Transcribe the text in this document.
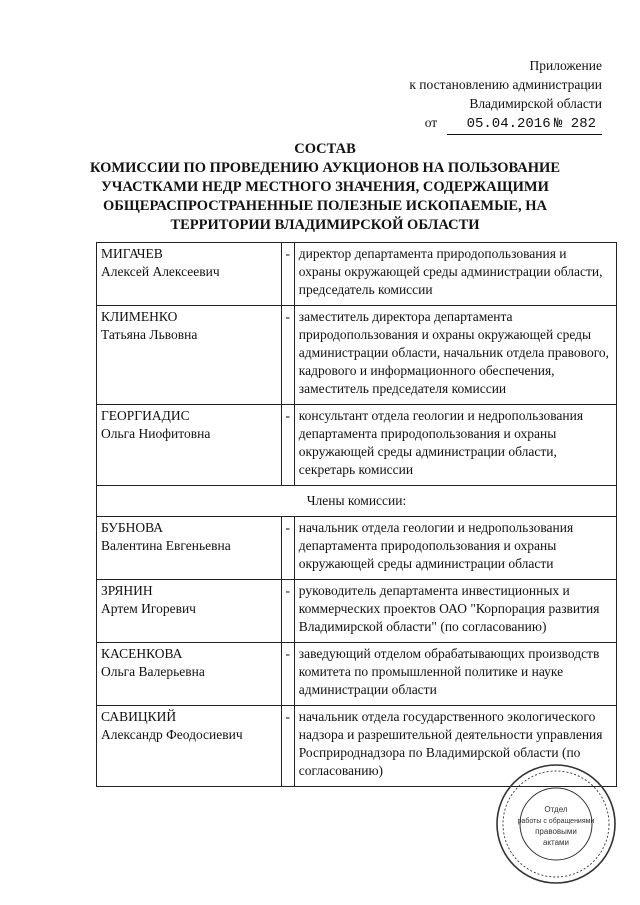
Приложение
к постановлению администрации
Владимирской области
от 05.04.2016 № 282
СОСТАВ
КОМИССИИ ПО ПРОВЕДЕНИЮ АУКЦИОНОВ НА ПОЛЬЗОВАНИЕ
УЧАСТКАМИ НЕДР МЕСТНОГО ЗНАЧЕНИЯ, СОДЕРЖАЩИМИ
ОБЩЕРАСПРОСТРАНЕННЫЕ ПОЛЕЗНЫЕ ИСКОПАЕМЫЕ, НА
ТЕРРИТОРИИ ВЛАДИМИРСКОЙ ОБЛАСТИ
МИГАЧЕВ
Алексей Алексеевич	-	директор департамента природопользования и охраны окружающей среды администрации области, председатель комиссии

КЛИМЕНКО
Татьяна Львовна	-	заместитель директора департамента природопользования и охраны окружающей среды администрации области, начальник отдела правового, кадрового и информационного обеспечения, заместитель председателя комиссии

ГЕОРГИАДИС
Ольга Ниофитовна	-	консультант отдела геологии и недропользования департамента природопользования и охраны окружающей среды администрации области, секретарь комиссии
Члены комиссии:		

БУБНОВА
Валентина Евгеньевна	-	начальник отдела геологии и недропользования департамента природопользования и охраны окружающей среды администрации области

ЗРЯНИН
Артем Игоревич	-	руководитель департамента инвестиционных и коммерческих проектов ОАО "Корпорация развития Владимирской области" (по согласованию)

КАСЕНКОВА
Ольга Валерьевна	-	заведующий отделом обрабатывающих производств комитета по промышленной политике и науке администрации области

САВИЦКИЙ
Александр Феодосиевич	-	начальник отдела государственного экологического надзора и разрешительной деятельности управления Росприроднадзора по Владимирской области (по согласованию)
Отдел
работы с обращениями
правовыми
актами
